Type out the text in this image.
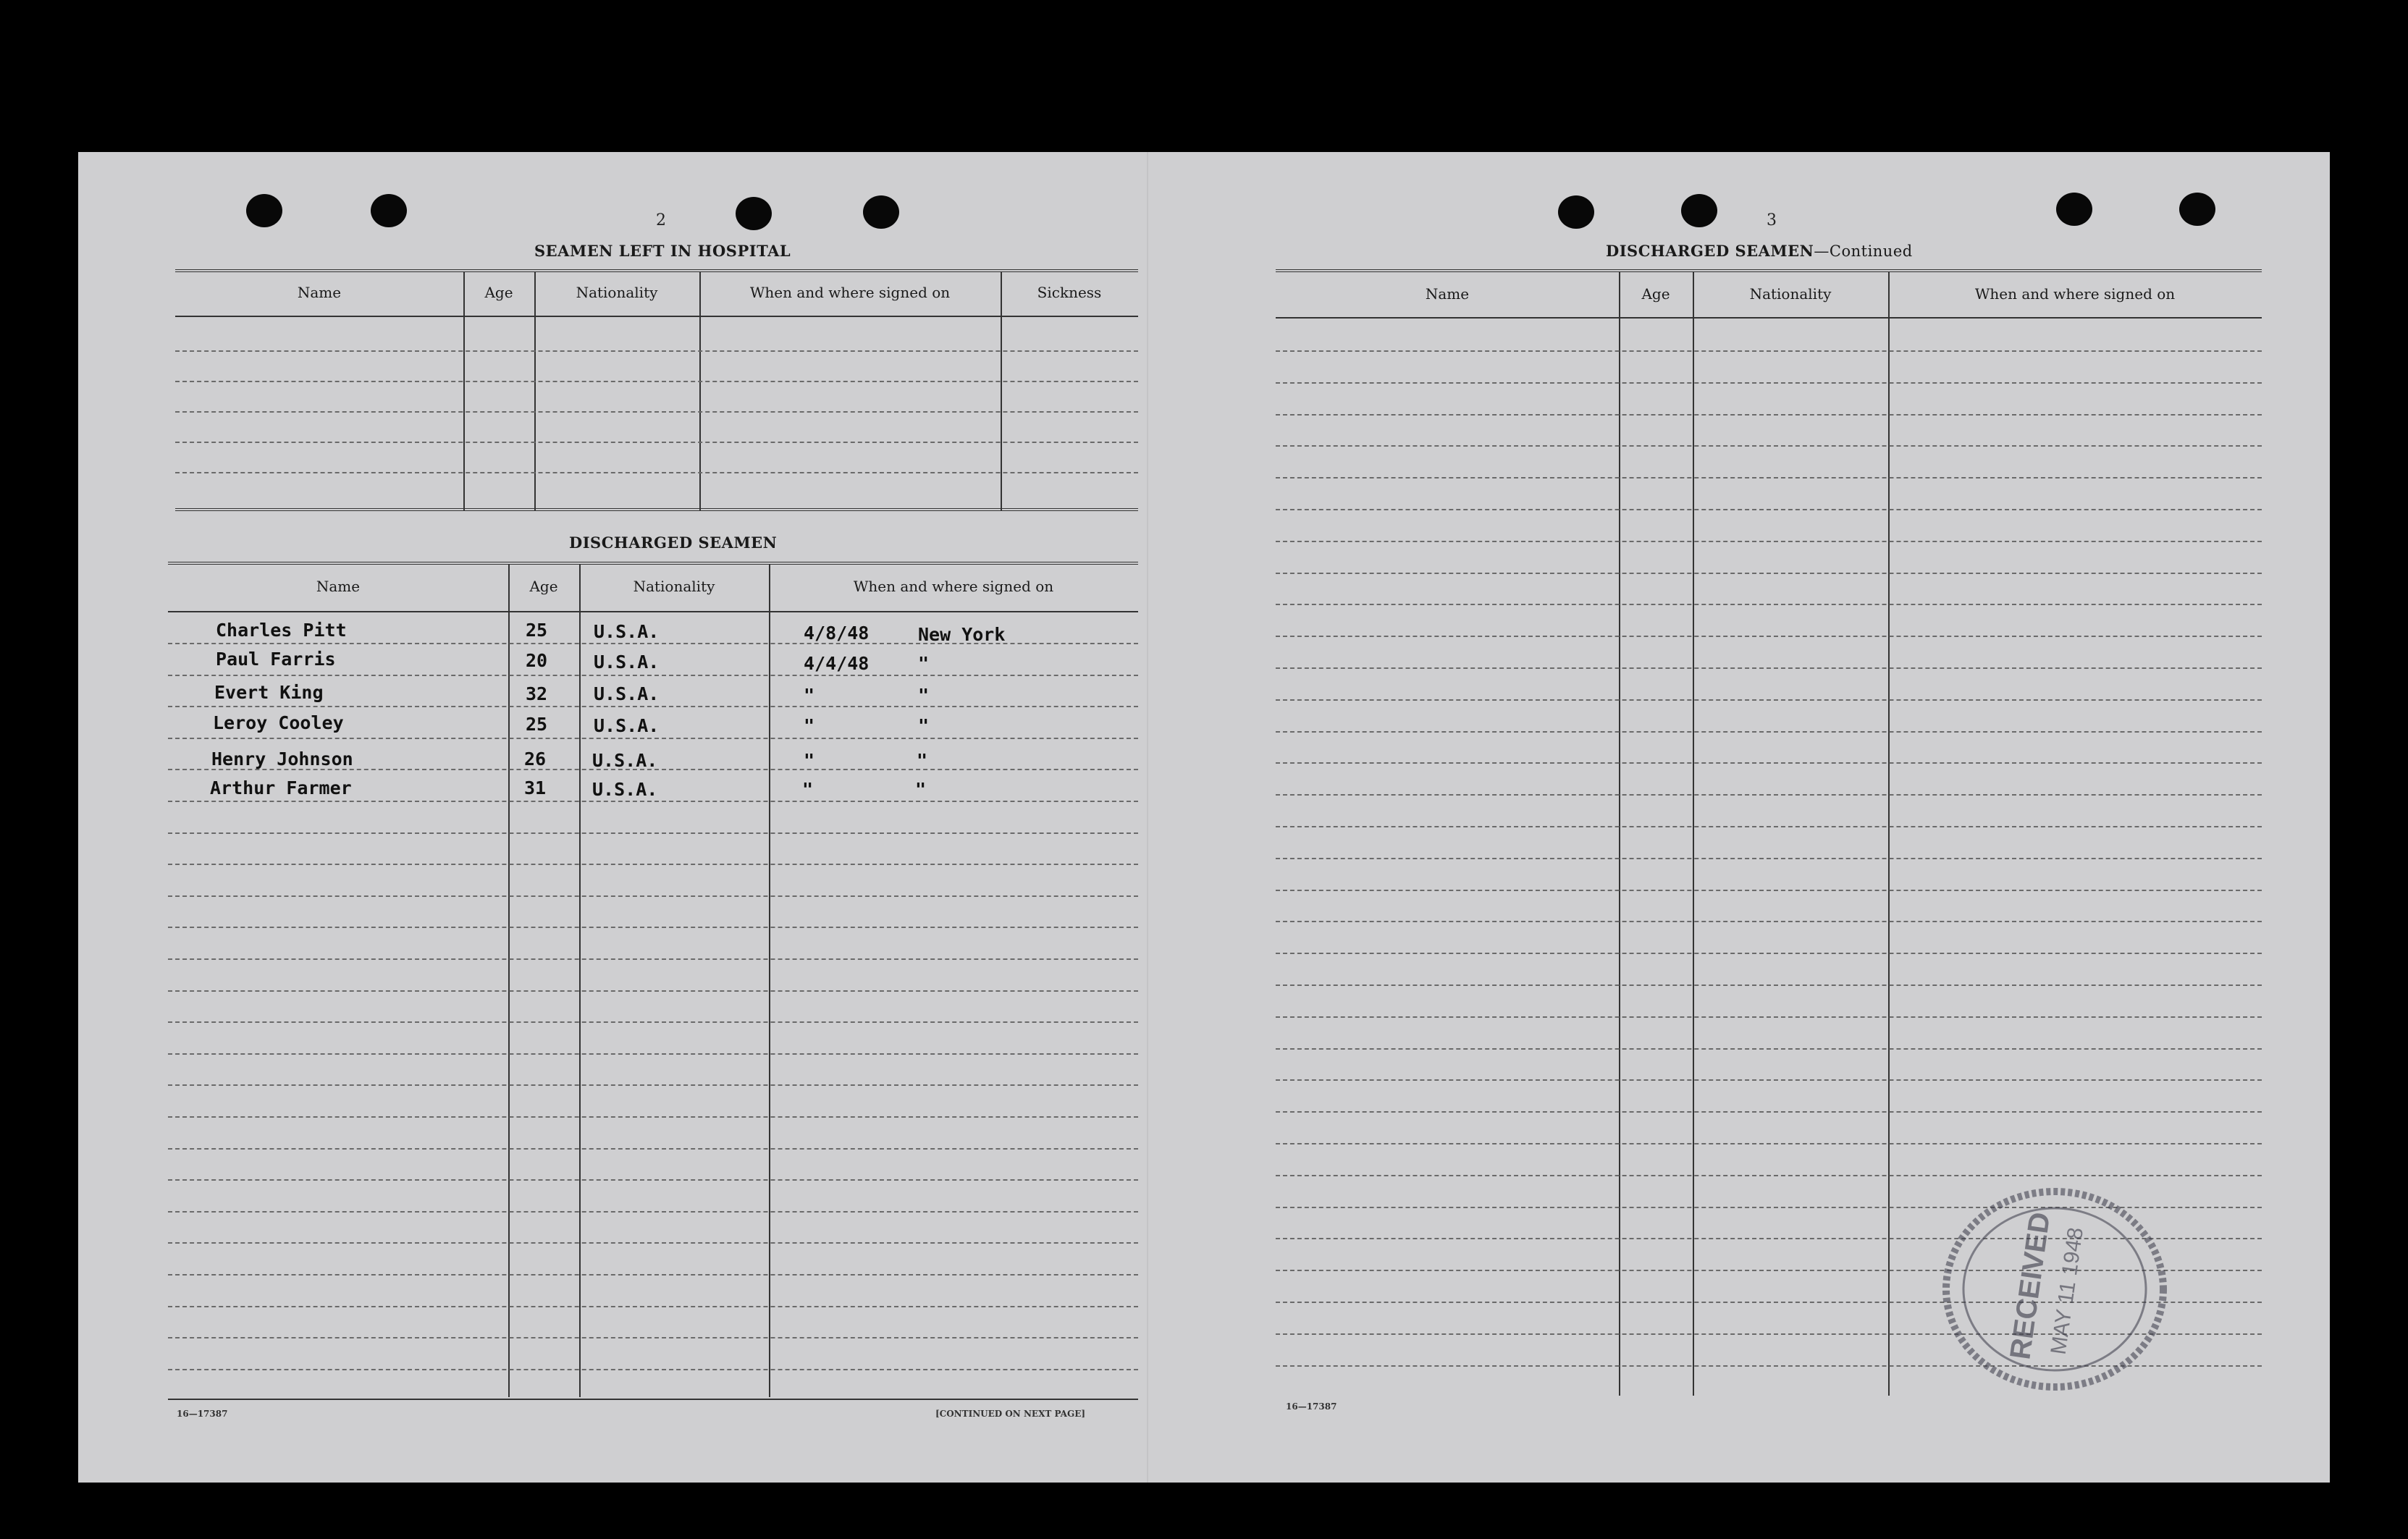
2
SEAMEN LEFT IN HOSPITAL
Name	Age	Nationality	When and where signed on	Sickness
DISCHARGED SEAMEN
Name	Age	Nationality	When and where signed on
Charles Pitt	25	U.S.A.	4/8/48	New York
Paul Farris	20	U.S.A.	4/4/48	"
Evert King	32	U.S.A.	"	"
Leroy Cooley	25	U.S.A.	"	"
Henry Johnson	26	U.S.A.	"	"
Arthur Farmer	31	U.S.A.	"	"
16—17387	[CONTINUED ON NEXT PAGE]
3
DISCHARGED SEAMEN—Continued
Name	Age	Nationality	When and where signed on
16—17387
RECEIVED
MAY 11 1948
